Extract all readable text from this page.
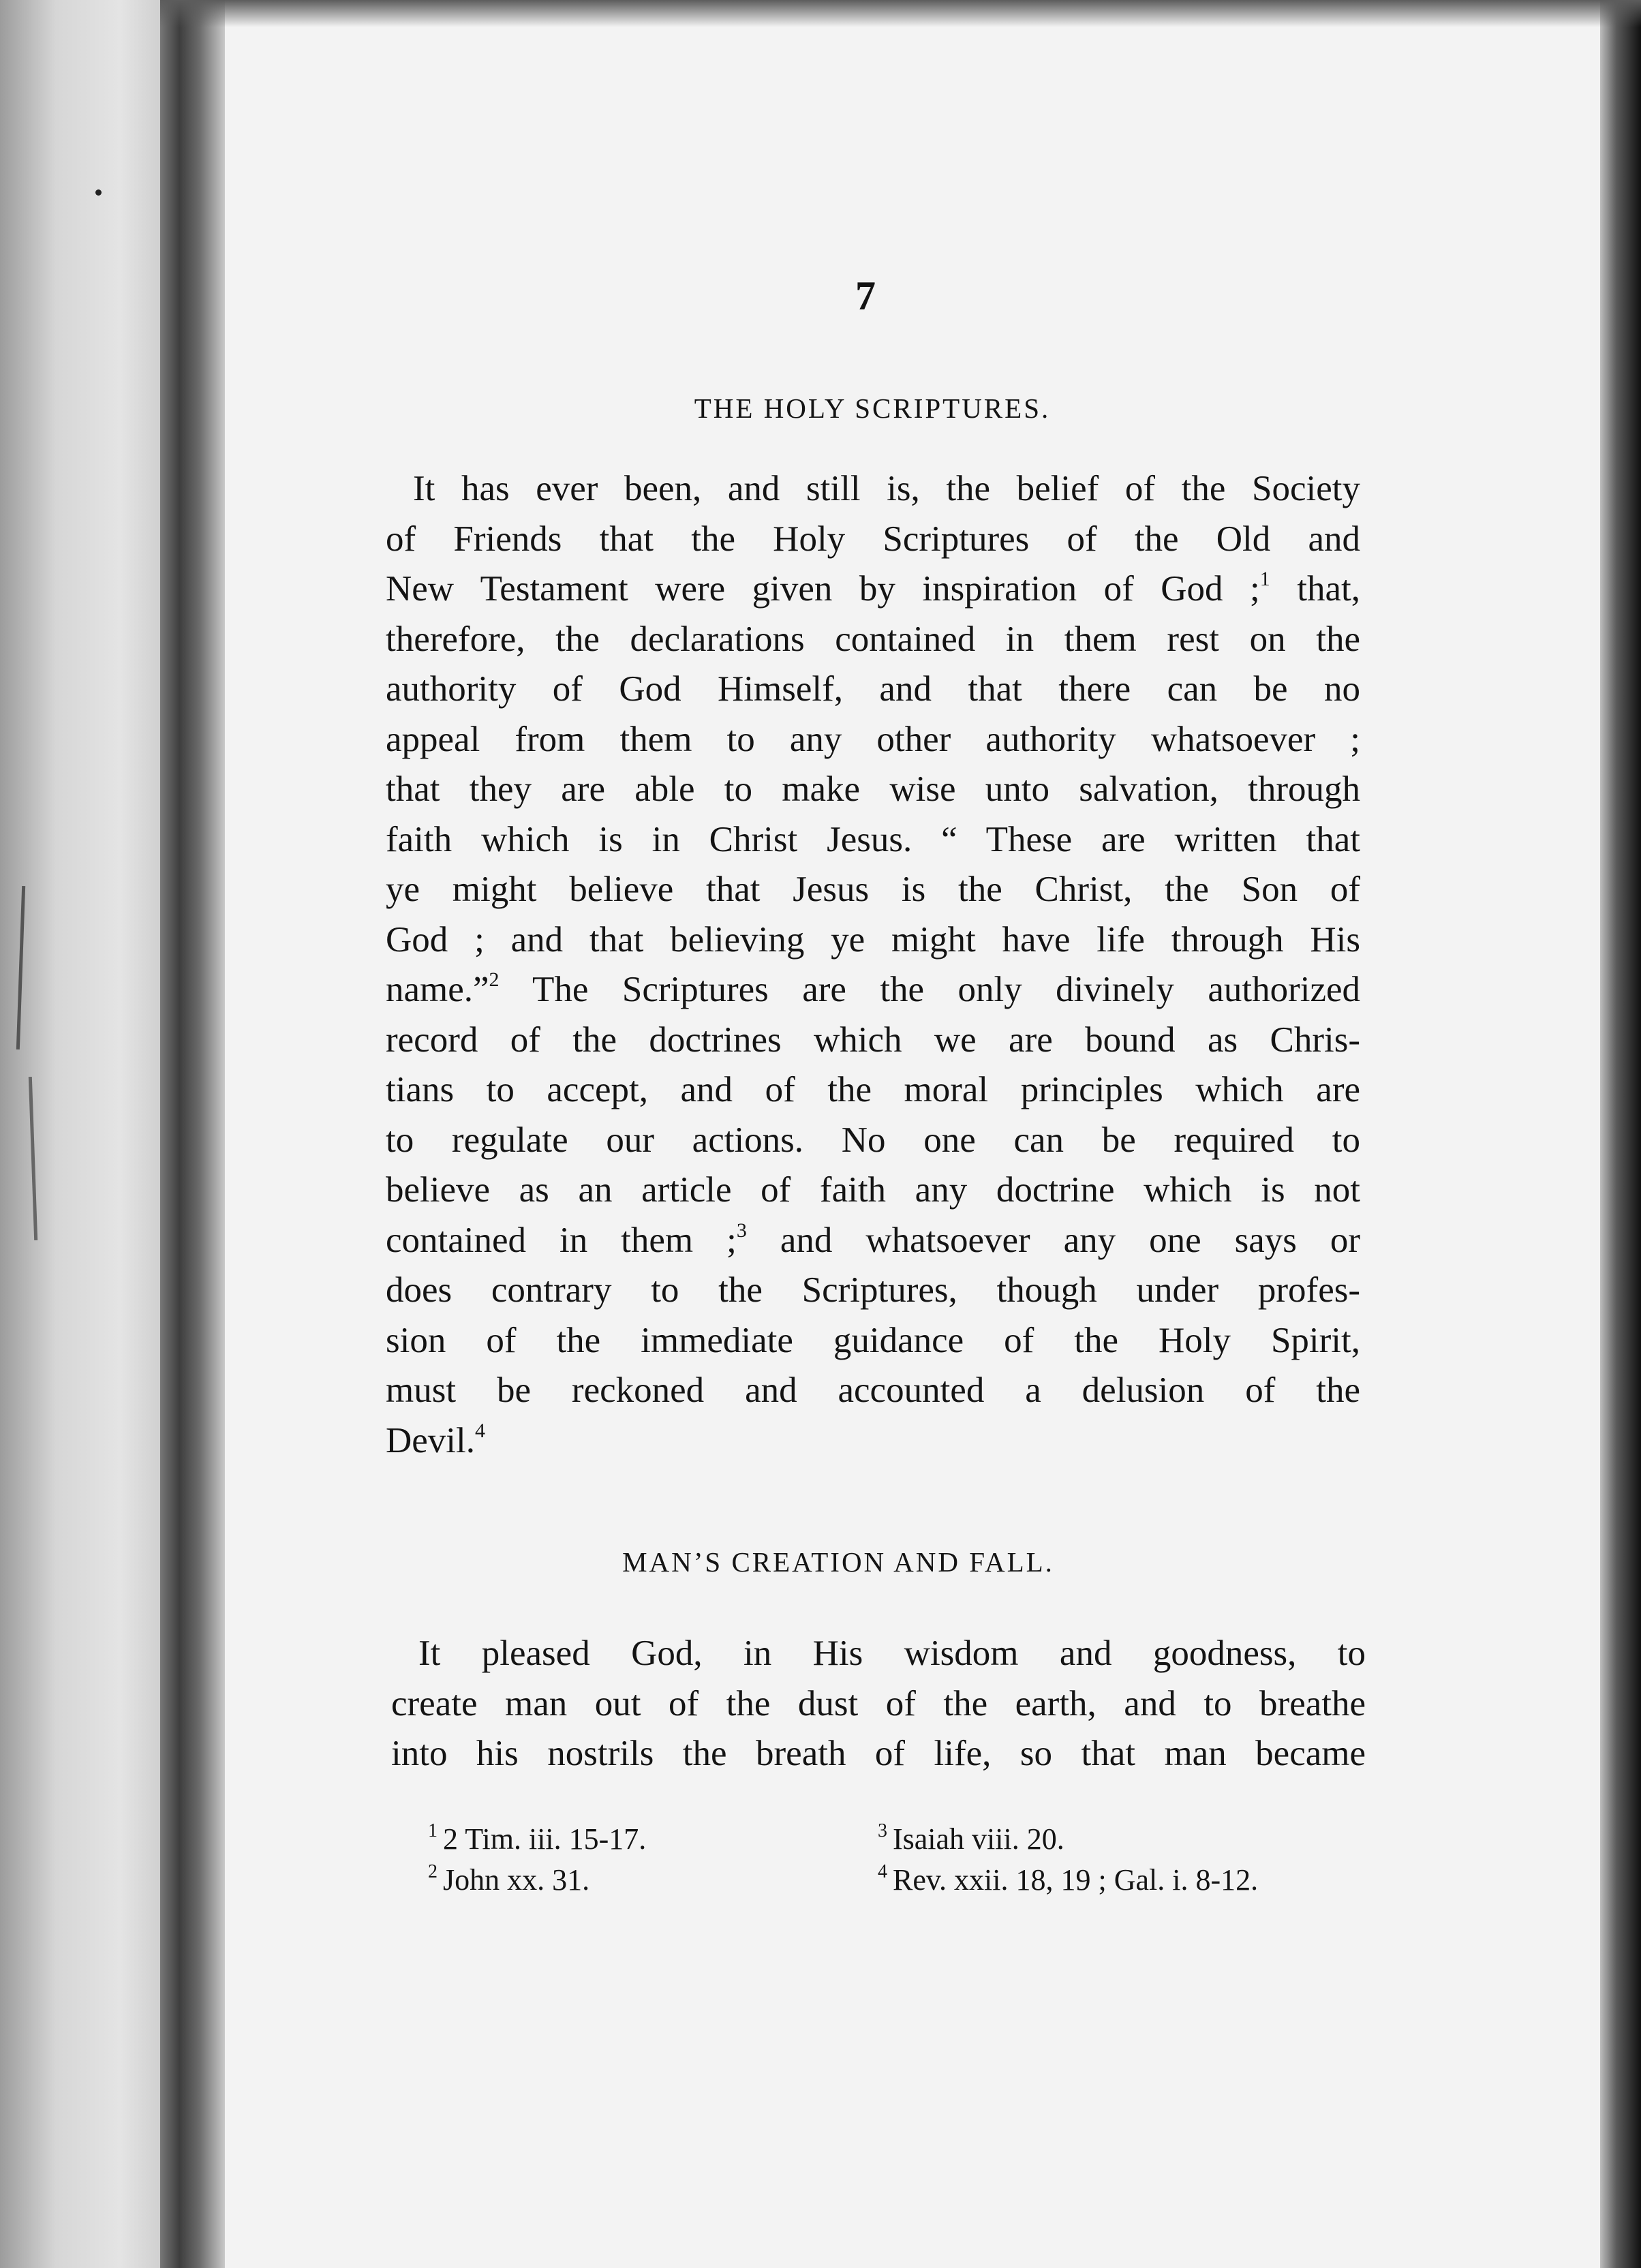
7
THE HOLY SCRIPTURES.
It has ever been, and still is, the belief of the Society
of Friends that the Holy Scriptures of the Old and
New Testament were given by inspiration of God ;$^1$ that,
therefore, the declarations contained in them rest on the
authority of God Himself, and that there can be no
appeal from them to any other authority whatsoever ;
that they are able to make wise unto salvation, through
faith which is in Christ Jesus. “ These are written that
ye might believe that Jesus is the Christ, the Son of
God ; and that believing ye might have life through His
name.”$^2$ The Scriptures are the only divinely authorized
record of the doctrines which we are bound as Chris-
tians to accept, and of the moral principles which are
to regulate our actions. No one can be required to
believe as an article of faith any doctrine which is not
contained in them ;$^3$ and whatsoever any one says or
does contrary to the Scriptures, though under profes-
sion of the immediate guidance of the Holy Spirit,
must be reckoned and accounted a delusion of the
Devil.$^4$
MAN’S CREATION AND FALL.
It pleased God, in His wisdom and goodness, to
create man out of the dust of the earth, and to breathe
into his nostrils the breath of life, so that man became
$^1$ 2 Tim. iii. 15-17.
$^2$ John xx. 31.
$^3$ Isaiah viii. 20.
$^4$ Rev. xxii. 18, 19 ; Gal. i. 8-12.
